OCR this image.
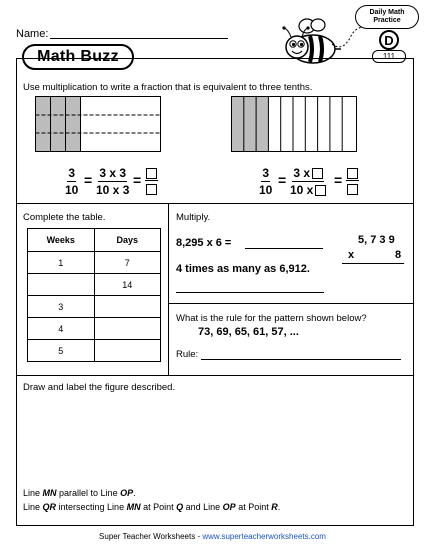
Name:
Math Buzz
Daily Math
Practice
D
111
Use multiplication to write a fraction that is equivalent to three tenths.
$\frac{3}{10} = \frac{3 x 3}{10 x 3}$ =	$\frac{3}{10} = \frac{3 x}{10 x}$ =
Complete the table.
Weeks	Days
1	7
	14
3	
4	
5	
Multiply.
8,295 x 6 =
4 times as many as 6,912.
5, 7 3 9
x	8
What is the rule for the pattern shown below?
73, 69, 65, 61, 57, ...
Rule:
Draw and label the figure described.
Line MN parallel to Line OP.
Line QR intersecting Line MN at Point Q and Line OP at Point R.
Super Teacher Worksheets - www.superteacherworksheets.com
